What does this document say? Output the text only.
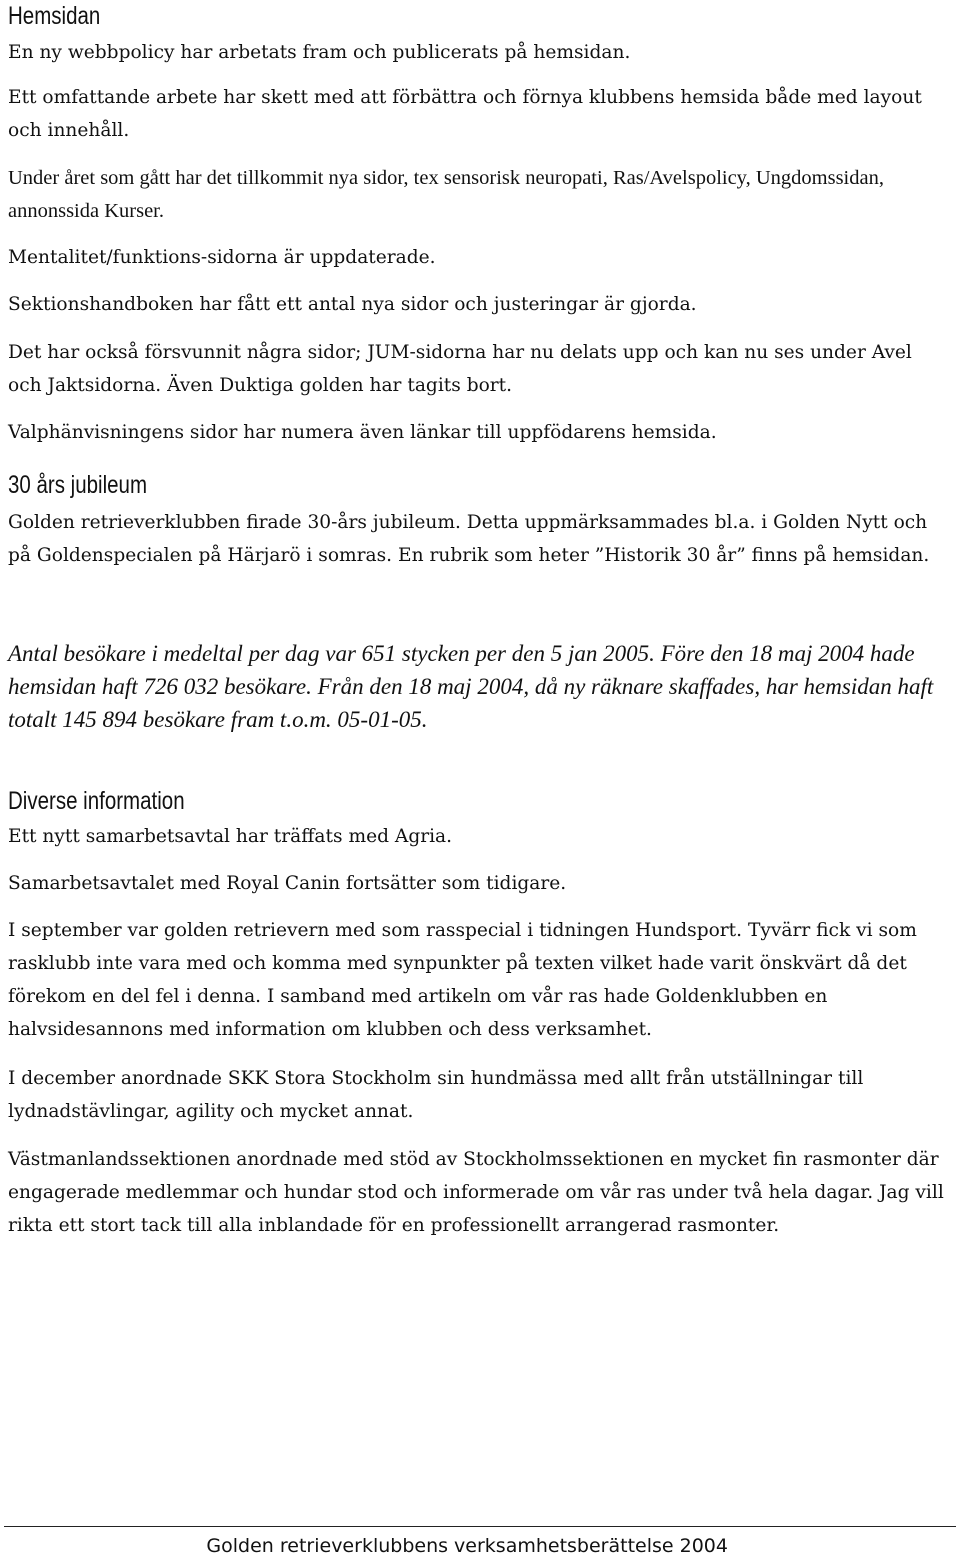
Hemsidan

En ny webbpolicy har arbetats fram och publicerats på hemsidan.

Ett omfattande arbete har skett med att förbättra och förnya klubbens hemsida både med layout och innehåll.

Under året som gått har det tillkommit nya sidor, tex sensorisk neuropati, Ras/Avelspolicy, Ungdomssidan, annonssida Kurser.

Mentalitet/funktions-sidorna är uppdaterade.

Sektionshandboken har fått ett antal nya sidor och justeringar är gjorda.

Det har också försvunnit några sidor; JUM-sidorna har nu delats upp och kan nu ses under Avel och Jaktsidorna. Även Duktiga golden har tagits bort.

Valphänvisningens sidor har numera även länkar till uppfödarens hemsida.

30 års jubileum

Golden retrieverklubben firade 30-års jubileum. Detta uppmärksammades bl.a. i Golden Nytt och på Goldenspecialen på Härjarö i somras. En rubrik som heter ”Historik 30 år” finns på hemsidan.

Antal besökare i medeltal per dag var 651 stycken per den 5 jan 2005. Före den 18 maj 2004 hade hemsidan haft 726 032 besökare. Från den 18 maj 2004, då ny räknare skaffades, har hemsidan haft totalt 145 894 besökare fram t.o.m. 05-01-05.

Diverse information

Ett nytt samarbetsavtal har träffats med Agria.

Samarbetsavtalet med Royal Canin fortsätter som tidigare.

I september var golden retrievern med som rasspecial i tidningen Hundsport. Tyvärr fick vi som rasklubb inte vara med och komma med synpunkter på texten vilket hade varit önskvärt då det förekom en del fel i denna. I samband med artikeln om vår ras hade Goldenklubben en halvsidesannons med information om klubben och dess verksamhet.

I december anordnade SKK Stora Stockholm sin hundmässa med allt från utställningar till lydnadstävlingar, agility och mycket annat.

Västmanlandssektionen anordnade med stöd av Stockholmssektionen en mycket fin rasmonter där engagerade medlemmar och hundar stod och informerade om vår ras under två hela dagar. Jag vill rikta ett stort tack till alla inblandade för en professionellt arrangerad rasmonter.

Golden retrieverklubbens verksamhetsberättelse 2004
